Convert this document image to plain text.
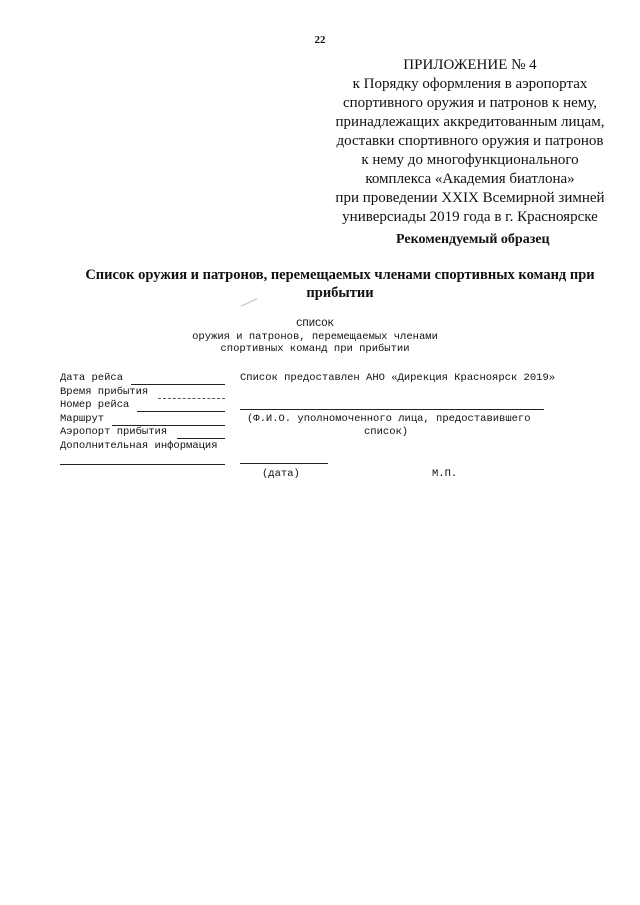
22
ПРИЛОЖЕНИЕ № 4
к Порядку оформления в аэропортах
спортивного оружия и патронов к нему,
принадлежащих аккредитованным лицам,
доставки спортивного оружия и патронов
к нему до многофункционального
комплекса «Академия биатлона»
при проведении XXIX Всемирной зимней
универсиады 2019 года в г. Красноярске
Рекомендуемый образец
Список оружия и патронов, перемещаемых членами спортивных команд при прибытии
СПИСОК
оружия и патронов, перемещаемых членами
спортивных команд при прибытии
Дата рейса
Время прибытия
Номер рейса
Маршрут
Аэропорт прибытия
Дополнительная информация
Список предоставлен АНО «Дирекция Красноярск 2019»
(Ф.И.О. уполномоченного лица, предоставившего
список)
(дата)	М.П.
